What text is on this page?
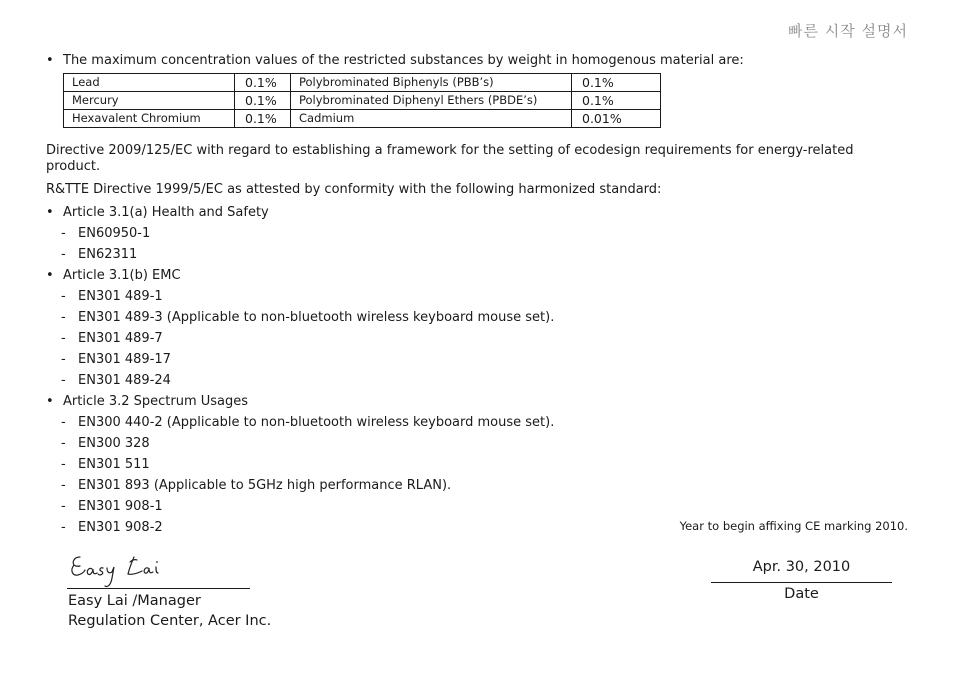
빠른 시작 설명서
• The maximum concentration values of the restricted substances by weight in homogenous material are:
Lead	0.1%	Polybrominated Biphenyls (PBB’s)	0.1%
Mercury	0.1%	Polybrominated Diphenyl Ethers (PBDE’s)	0.1%
Hexavalent Chromium	0.1%	Cadmium	0.01%
Directive 2009/125/EC with regard to establishing a framework for the setting of ecodesign requirements for energy-related product.
R&TTE Directive 1999/5/EC as attested by conformity with the following harmonized standard:
• Article 3.1(a) Health and Safety
- EN60950-1
- EN62311
• Article 3.1(b) EMC
- EN301 489-1
- EN301 489-3 (Applicable to non-bluetooth wireless keyboard mouse set).
- EN301 489-7
- EN301 489-17
- EN301 489-24
• Article 3.2 Spectrum Usages
- EN300 440-2 (Applicable to non-bluetooth wireless keyboard mouse set).
- EN300 328
- EN301 511
- EN301 893 (Applicable to 5GHz high performance RLAN).
- EN301 908-1
- EN301 908-2	Year to begin affixing CE marking 2010.
Easy Lai /Manager
Regulation Center, Acer Inc.
Apr. 30, 2010
Date
